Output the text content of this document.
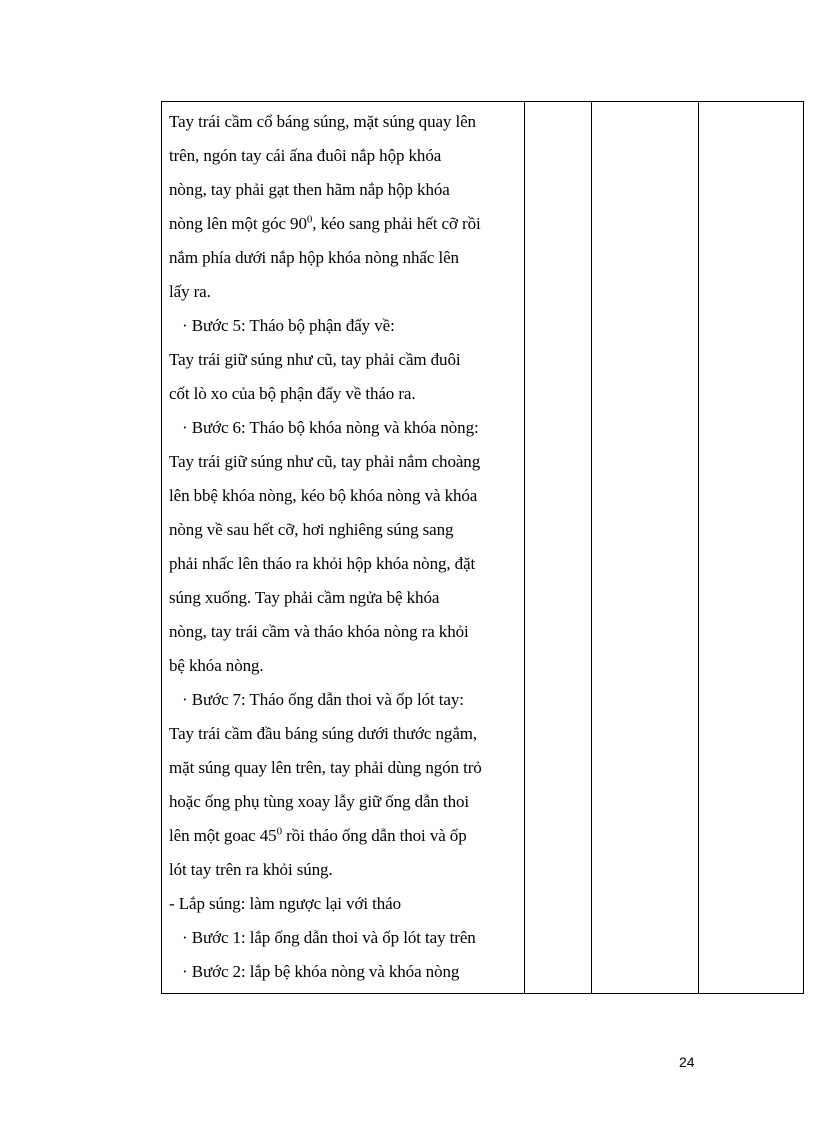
Tay trái cầm cổ báng súng, mặt súng quay lên
trên, ngón tay cái ấna đuôi nắp hộp khóa
nòng, tay phải gạt then hãm nắp hộp khóa
nòng lên một góc $90^0$, kéo sang phải hết cỡ rồi
nắm phía dưới nắp hộp khóa nòng nhấc lên
lấy ra.
· Bước 5: Tháo bộ phận đẩy về:
Tay trái giữ súng như cũ, tay phải cầm đuôi
cốt lò xo của bộ phận đẩy về tháo ra.
· Bước 6: Tháo bộ khóa nòng và khóa nòng:
Tay trái giữ súng như cũ, tay phải nắm choàng
lên bbệ khóa nòng, kéo bộ khóa nòng và khóa
nòng về sau hết cỡ, hơi nghiêng súng sang
phải nhấc lên tháo ra khỏi hộp khóa nòng, đặt
súng xuống. Tay phải cầm ngửa bệ khóa
nòng, tay trái cầm và tháo khóa nòng ra khỏi
bệ khóa nòng.
· Bước 7: Tháo ống dẫn thoi và ốp lót tay:
Tay trái cầm đầu báng súng dưới thước ngắm,
mặt súng quay lên trên, tay phải dùng ngón trỏ
hoặc ống phụ tùng xoay lẫy giữ ống dẫn thoi
lên một goac $45^0$ rồi tháo ống dẫn thoi và ốp
lót tay trên ra khỏi súng.
- Lắp súng: làm ngược lại với tháo
· Bước 1: lắp ống dẫn thoi và ốp lót tay trên
· Bước 2: lắp bệ khóa nòng và khóa nòng

24
